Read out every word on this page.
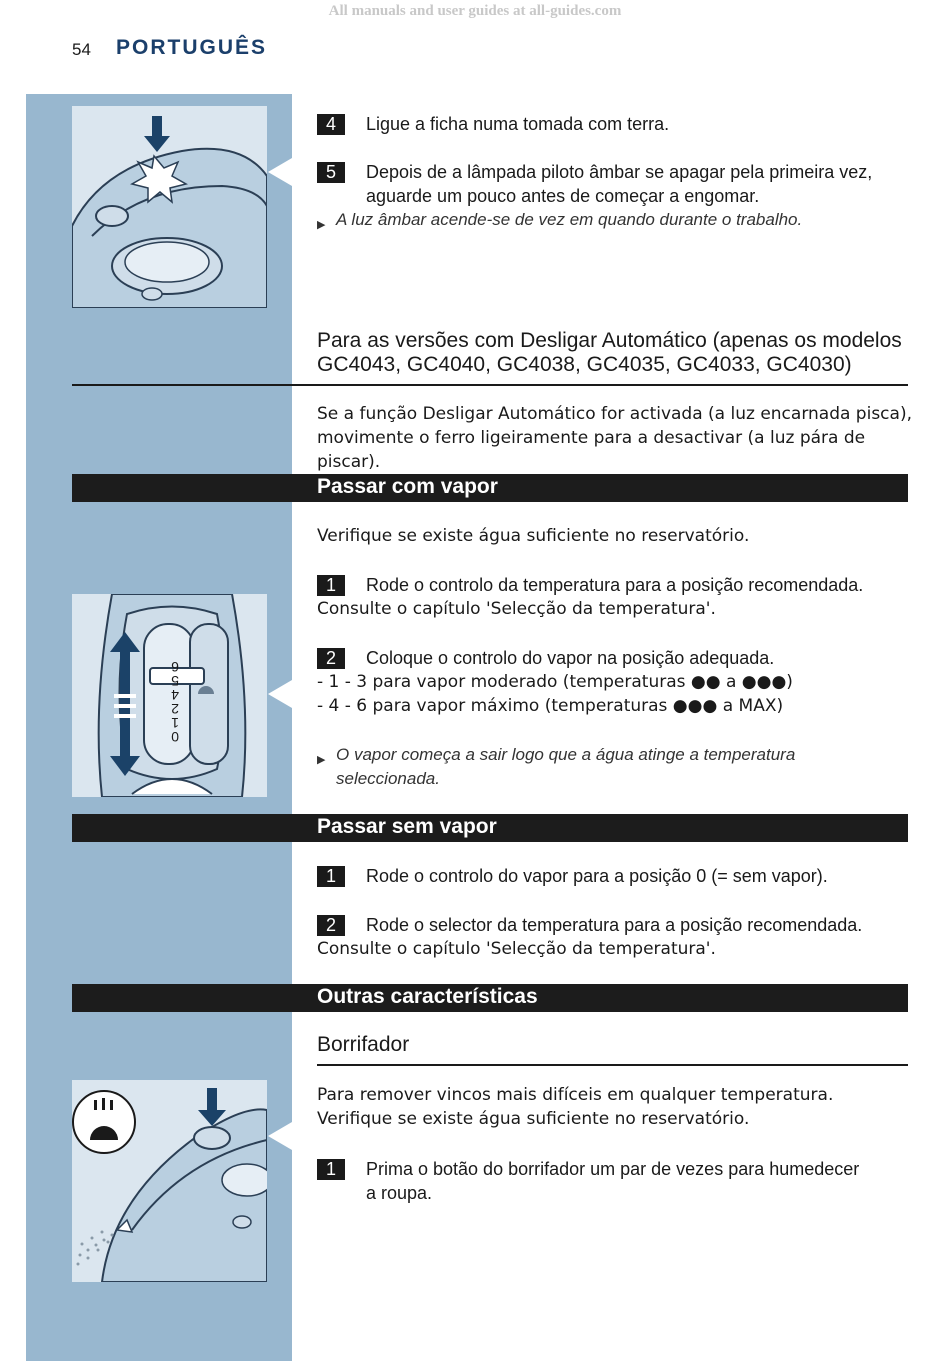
All manuals and user guides at all-guides.com
54 PORTUGUÊS
4 Ligue a ficha numa tomada com terra.
5 Depois de a lâmpada piloto âmbar se apagar pela primeira vez,
aguarde um pouco antes de começar a engomar.
▶ A luz âmbar acende-se de vez em quando durante o trabalho.
Para as versões com Desligar Automático (apenas os modelos
GC4043, GC4040, GC4038, GC4035, GC4033, GC4030)
Se a função Desligar Automático for activada (a luz encarnada pisca),
movimente o ferro ligeiramente para a desactivar (a luz pára de piscar).
Passar com vapor
Verifique se existe água suficiente no reservatório.
0 1 2 4 5 6
1 Rode o controlo da temperatura para a posição recomendada.
Consulte o capítulo 'Selecção da temperatura'.
2 Coloque o controlo do vapor na posição adequada.
- 1 - 3 para vapor moderado (temperaturas ●● a ●●●)
- 4 - 6 para vapor máximo (temperaturas ●●● a MAX)
▶ O vapor começa a sair logo que a água atinge a temperatura
seleccionada.
Passar sem vapor
1 Rode o controlo do vapor para a posição 0 (= sem vapor).
2 Rode o selector da temperatura para a posição recomendada.
Consulte o capítulo 'Selecção da temperatura'.
Outras características
Borrifador
Para remover vincos mais difíceis em qualquer temperatura.
Verifique se existe água suficiente no reservatório.
1 Prima o botão do borrifador um par de vezes para humedecer
a roupa.
